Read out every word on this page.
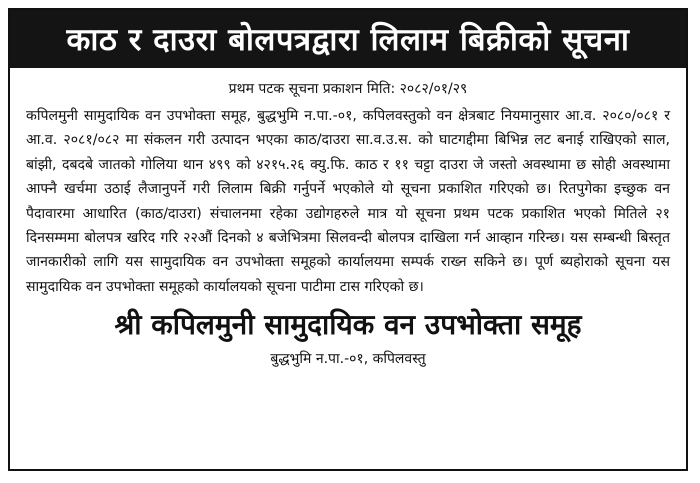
काठ र दाउरा बोलपत्रद्वारा लिलाम बिक्रीको सूचना
प्रथम पटक सूचना प्रकाशन मिति: २०८२/०१/२९
कपिलमुनी सामुदायिक वन उपभोक्ता समूह, बुद्धभुमि न.पा.-०१, कपिलवस्तुको वन क्षेत्रबाट नियमानुसार आ.व. २०८०/०८१ र आ.व. २०८१/०८२ मा संकलन गरी उत्पादन भएका काठ/दाउरा सा.व.उ.स. को घाटगद्दीमा बिभिन्न लट बनाई राखिएको साल, बांझी, दबदबे जातको गोलिया थान ४९९ को ४२१५.२६ क्यु.फि. काठ र ११ चट्टा दाउरा जे जस्तो अवस्थामा छ सोही अवस्थामा आफ्नै खर्चमा उठाई लैजानुपर्ने गरी लिलाम बिक्री गर्नुपर्ने भएकोले यो सूचना प्रकाशित गरिएको छ। रितपुगेका इच्छुक वन पैदावारमा आधारित (काठ/दाउरा) संचालनमा रहेका उद्योगहरुले मात्र यो सूचना प्रथम पटक प्रकाशित भएको मितिले २१ दिनसम्ममा बोलपत्र खरिद गरि २२औं दिनको ४ बजेभित्रमा सिलवन्दी बोलपत्र दाखिला गर्न आव्हान गरिन्छ। यस सम्बन्धी बिस्तृत जानकारीको लागि यस सामुदायिक वन उपभोक्ता समूहको कार्यालयमा सम्पर्क राख्न सकिने छ। पूर्ण ब्यहोराको सूचना यस सामुदायिक वन उपभोक्ता समूहको कार्यालयको सूचना पाटीमा टास गरिएको छ।
श्री कपिलमुनी सामुदायिक वन उपभोक्ता समूह
बुद्धभुमि न.पा.-०१, कपिलवस्तु
